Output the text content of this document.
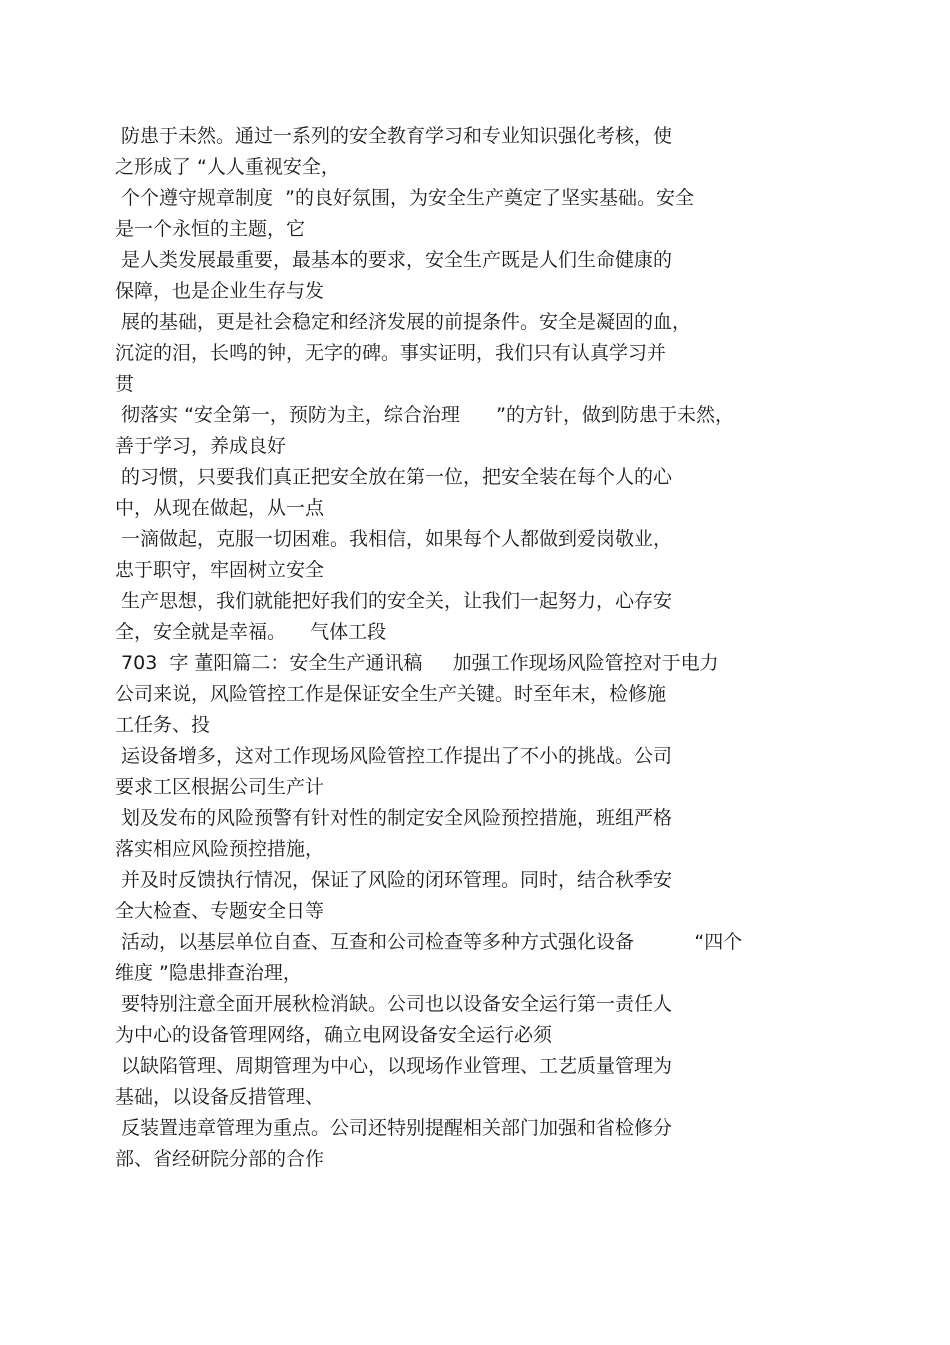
防患于未然。通过一系列的安全教育学习和专业知识强化考核，使
之形成了 “人人重视安全，
个个遵守规章制度  ”的良好氛围，为安全生产奠定了坚实基础。安全
是一个永恒的主题，它
是人类发展最重要，最基本的要求，安全生产既是人们生命健康的
保障，也是企业生存与发
展的基础，更是社会稳定和经济发展的前提条件。安全是凝固的血，
沉淀的泪，长鸣的钟，无字的碑。事实证明，我们只有认真学习并
贯
彻落实 “安全第一，预防为主，综合治理      ”的方针，做到防患于未然，
善于学习，养成良好
的习惯，只要我们真正把安全放在第一位，把安全装在每个人的心
中，从现在做起，从一点
一滴做起，克服一切困难。我相信，如果每个人都做到爱岗敬业，
忠于职守，牢固树立安全
生产思想，我们就能把好我们的安全关，让我们一起努力，心存安
全，安全就是幸福。    气体工段
703  字 董阳篇二：安全生产通讯稿     加强工作现场风险管控对于电力
公司来说，风险管控工作是保证安全生产关键。时至年末，检修施
工任务、投
运设备增多，这对工作现场风险管控工作提出了不小的挑战。公司
要求工区根据公司生产计
划及发布的风险预警有针对性的制定安全风险预控措施，班组严格
落实相应风险预控措施，
并及时反馈执行情况，保证了风险的闭环管理。同时，结合秋季安
全大检查、专题安全日等
活动，以基层单位自查、互查和公司检查等多种方式强化设备          “四个
维度 ”隐患排查治理，
要特别注意全面开展秋检消缺。公司也以设备安全运行第一责任人
为中心的设备管理网络，确立电网设备安全运行必须
以缺陷管理、周期管理为中心，以现场作业管理、工艺质量管理为
基础，以设备反措管理、
反装置违章管理为重点。公司还特别提醒相关部门加强和省检修分
部、省经研院分部的合作
